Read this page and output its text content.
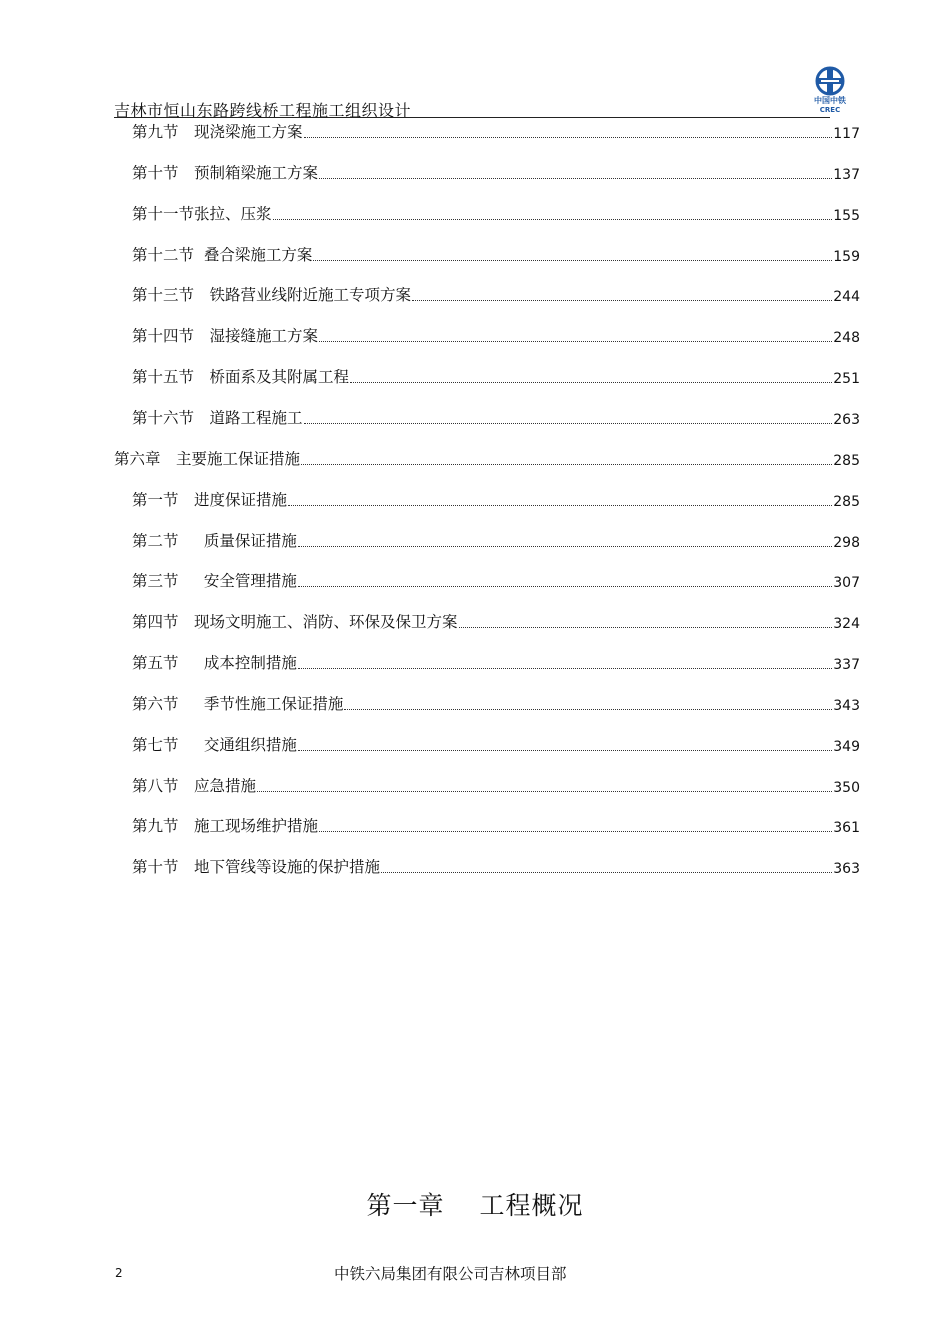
吉林市恒山东路跨线桥工程施工组织设计
中国中铁
CREC
第九节　现浇梁施工方案	117
第十节　预制箱梁施工方案	137
第十一节张拉、压浆	155
第十二节  叠合梁施工方案	159
第十三节　铁路营业线附近施工专项方案	244
第十四节　湿接缝施工方案	248
第十五节　桥面系及其附属工程	251
第十六节　道路工程施工	263
第六章　主要施工保证措施	285
第一节　进度保证措施	285
第二节　  质量保证措施	298
第三节　  安全管理措施	307
第四节　现场文明施工、消防、环保及保卫方案	324
第五节　  成本控制措施	337
第六节　  季节性施工保证措施	343
第七节　  交通组织措施	349
第八节　应急措施	350
第九节　施工现场维护措施	361
第十节　地下管线等设施的保护措施	363
第一章　 工程概况
2	中铁六局集团有限公司吉林项目部
